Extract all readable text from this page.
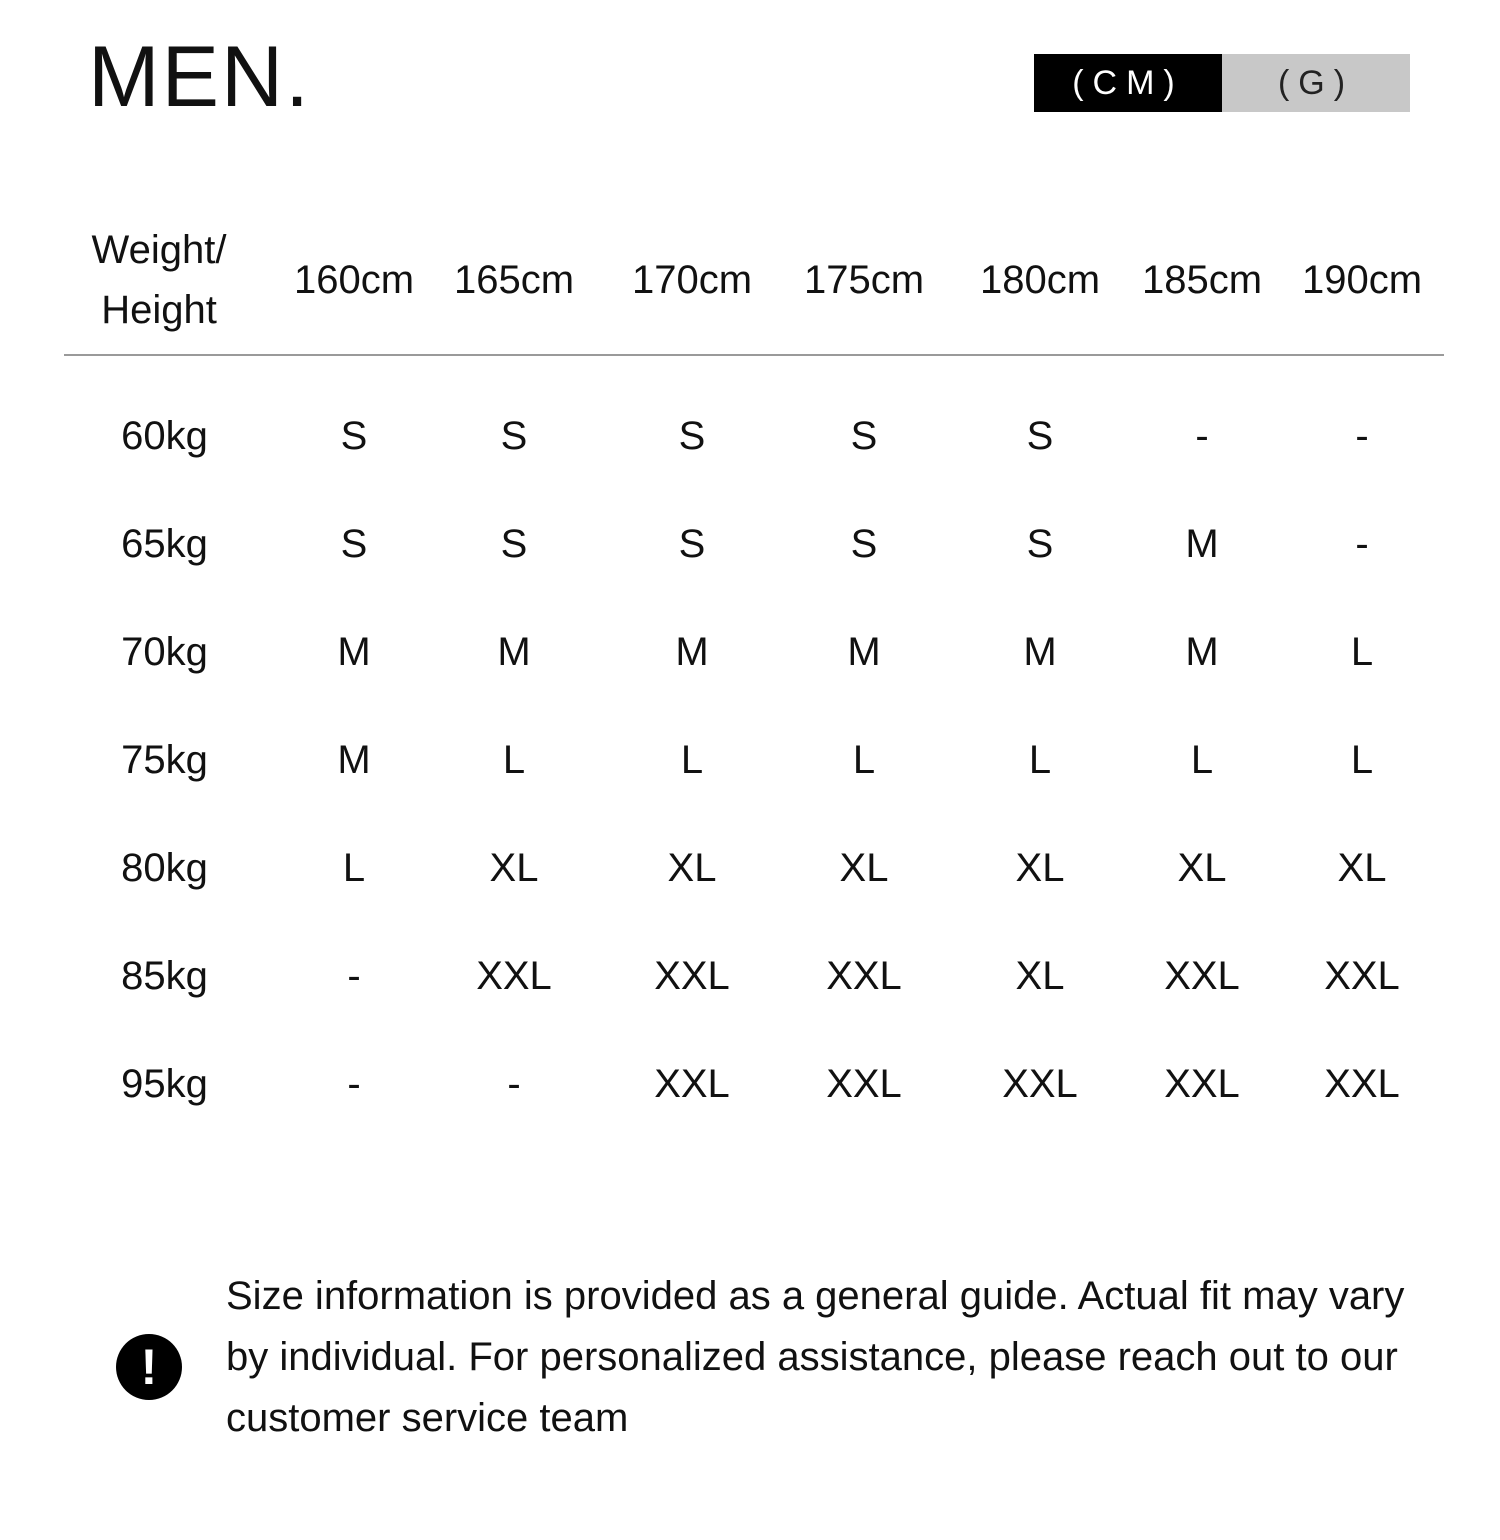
MEN.	(CM)	(G)
Weight/
Height
160cm 165cm	170cm	175cm	180cm	185cm 190cm
60kg	S	S	S	S	S	-	-
65kg	S	S	S	S	S	M	-
70kg	M	M	M	M	M	M	L
75kg	M	L	L	L	L	L	L
80kg	L	XL	XL	XL	XL	XL	XL
85kg	-	XXL	XXL	XXL	XL	XXL	XXL
95kg	-	-	XXL	XXL	XXL	XXL	XXL
!

Size information is provided as a general guide. Actual fit may vary by individual. For personalized assistance, please reach out to our customer service team
